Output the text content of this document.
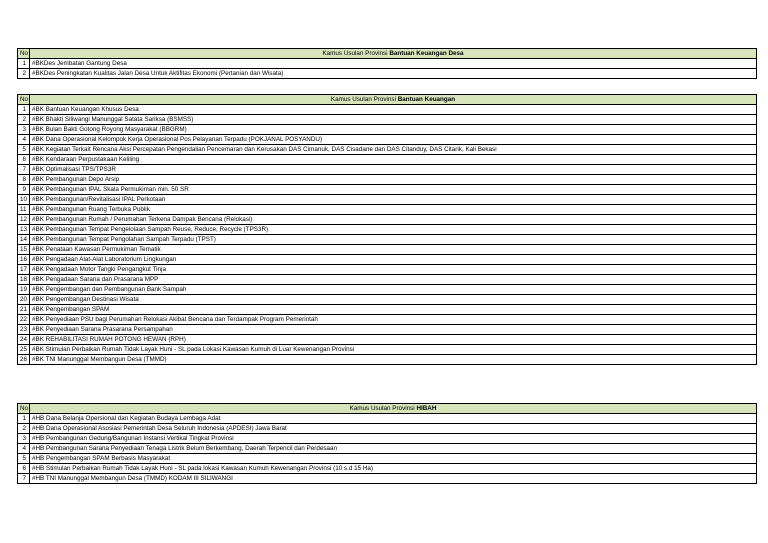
No	Kamus Usulan Provinsi Bantuan Keuangan Desa
1	#BKDes Jembatan Gantung Desa
2	#BKDes Peningkatan Kualitas Jalan Desa Untuk Aktifitas Ekonomi (Pertanian dan Wisata)
No	Kamus Usulan Provinsi Bantuan Keuangan
1	#BK Bantuan Keuangan Khusus Desa
2	#BK Bhakti Siliwangi Manunggal Satata Sariksa (BSMSS)
3	#BK Bulan Bakti Gotong Royong Masyarakat (BBGRM)
4	#BK Dana Operasional Kelompok Kerja Operasional Pos Pelayanan Terpadu (POKJANAL POSYANDU)
5	#BK Kegiatan Terkait Rencana Aksi Percepatan Pengendalian Pencemaran dan Kerusakan DAS Cimanuk, DAS Cisadane dan DAS Citanduy, DAS Citarik, Kali Bekasi
6	#BK Kendaraan Perpustakaan Keliling
7	#BK Optimalisasi TPS/TPS3R
8	#BK Pembangunan Depo Arsip
9	#BK Pembangunan IPAL Skala Permukiman min. 50 SR
10	#BK Pembangunan/Revitalisasi IPAL Perkotaan
11	#BK Pembangunan Ruang Terbuka Publik
12	#BK Pembangunan Rumah / Perumahan Terkena Dampak Bencana (Relokasi)
13	#BK Pembangunan Tempat Pengelolaan Sampah Reuse, Reduce, Recycle (TPS3R)
14	#BK Pembangunan Tempat Pengolahan Sampah Terpadu (TPST)
15	#BK Penataan Kawasan Permukiman Tematik
16	#BK Pengadaan Alat-Alat Laboratorium Lingkungan
17	#BK Pengadaan Motor Tangki Pengangkut Tinja
18	#BK Pengadaan Sarana dan Prasarana MPP
19	#BK Pengembangan dan Pembangunan Bank Sampah
20	#BK Pengembangan Destinasi Wisata
21	#BK Pengembangan SPAM
22	#BK Penyediaan PSU bagi Perumahan Relokasi Akibat Bencana dan Terdampak Program Pemerintah
23	#BK Penyediaan Sarana Prasarana Persampahan
24	#BK REHABILITASI RUMAH POTONG HEWAN (RPH)
25	#BK Stimulan Perbaikan Rumah Tidak Layak Huni - SL pada Lokasi Kawasan Kumuh di Luar Kewenangan Provinsi
26	#BK TNI Manunggal Membangun Desa (TMMD)
No	Kamus Usulan Provinsi HIBAH
1	#HB Dana Belanja Opersional dan Kegiatan Budaya Lembaga Adat
2	#HB Dana Operasional Asosiasi Pemerintah Desa Seluruh Indonesia (APDESI) Jawa Barat
3	#HB Pembangunan Gedung/Bangunan Instansi Vertikal Tingkat Provinsi
4	#HB Pembangunan Sarana Penyediaan Tenaga Listrik Belum Berkembang, Daerah Terpencil dan Perdesaan
5	#HB Pengembangan SPAM Berbasis Masyarakat
6	#HB Stimulan Perbaikan Rumah Tidak Layak Huni - SL pada lokasi Kawasan Kumuh Kewenangan Provinsi (10 s.d 15 Ha)
7	#HB TNI Manunggal Membangun Desa (TMMD) KODAM III SILIWANGI
